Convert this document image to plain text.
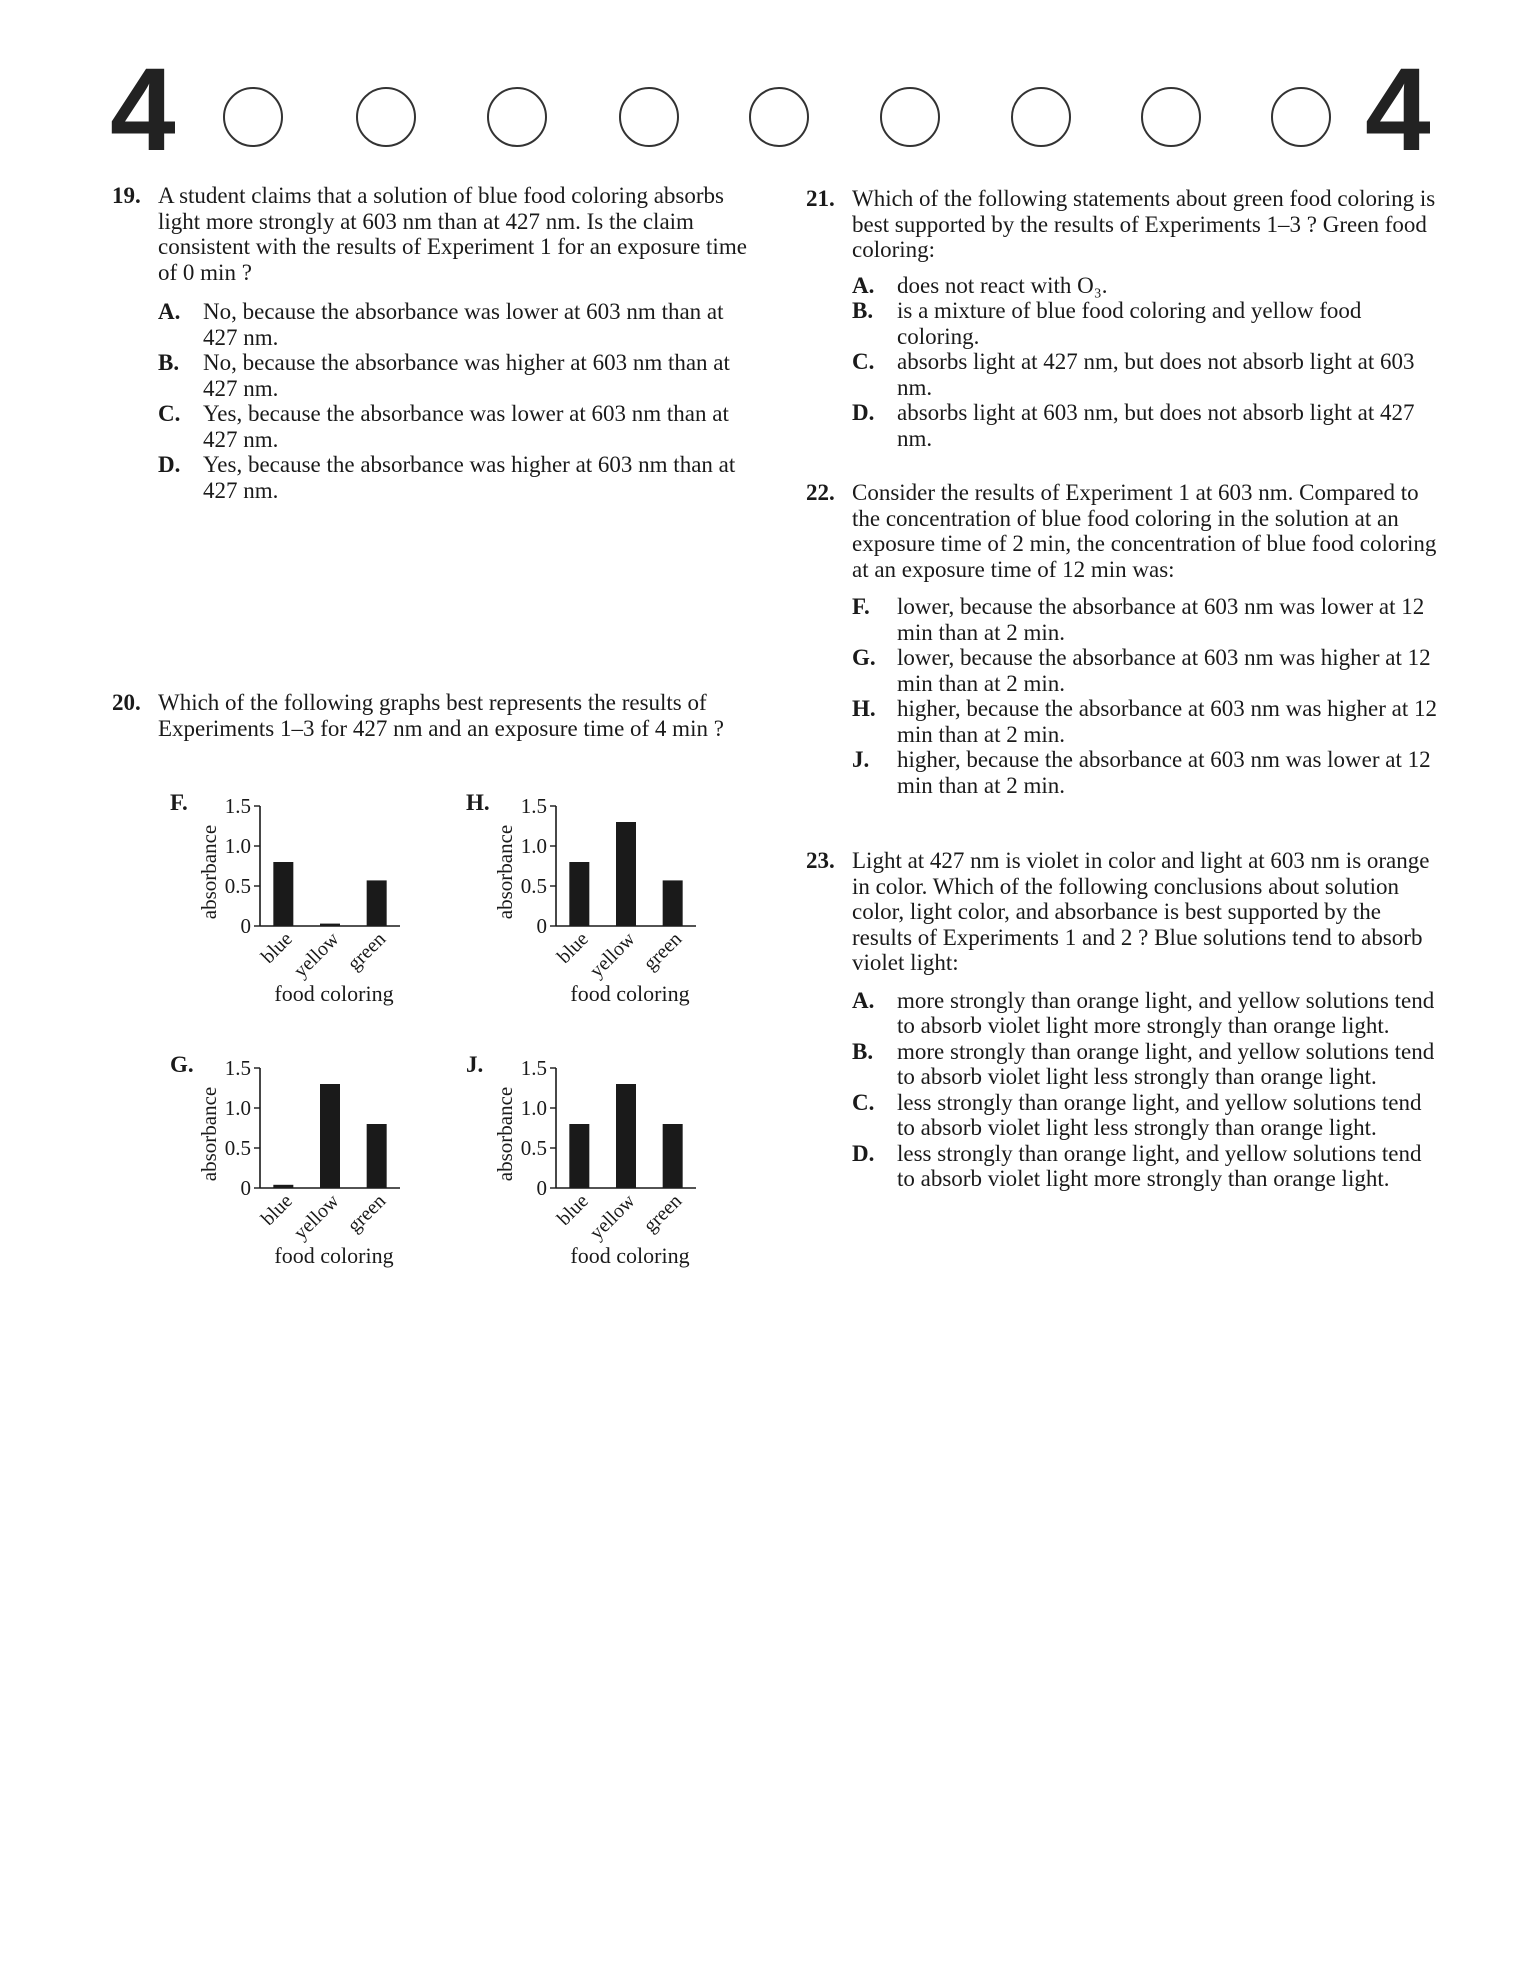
4	4
19. A student claims that a solution of blue food coloring absorbs light more strongly at 603 nm than at 427 nm. Is the claim consistent with the results of Experiment 1 for an exposure time of 0 min ?
A. No, because the absorbance was lower at 603 nm than at 427 nm.
B. No, because the absorbance was higher at 603 nm than at 427 nm.
C. Yes, because the absorbance was lower at 603 nm than at 427 nm.
D. Yes, because the absorbance was higher at 603 nm than at 427 nm.
20. Which of the following graphs best represents the results of Experiments 1–3 for 427 nm and an exposure time of 4 min ?
F.
absorbance
0
0.5
1.0
1.5
blue
yellow green
food coloring
H.
absorbance
0
0.5
1.0
1.5
blue
yellow green
food coloring
G.
absorbance
0
0.5
1.0
1.5
blue
yellow green
food coloring
J.
absorbance
0
0.5
1.0
1.5
blue
yellow green
food coloring
21. Which of the following statements about green food coloring is best supported by the results of Experiments 1–3 ? Green food coloring:
A. does not react with O₃.
B. is a mixture of blue food coloring and yellow food coloring.
C. absorbs light at 427 nm, but does not absorb light at 603 nm.
D. absorbs light at 603 nm, but does not absorb light at 427 nm.
22. Consider the results of Experiment 1 at 603 nm. Compared to the concentration of blue food coloring in the solution at an exposure time of 2 min, the concentration of blue food coloring at an exposure time of 12 min was:
F. lower, because the absorbance at 603 nm was lower at 12 min than at 2 min.
G. lower, because the absorbance at 603 nm was higher at 12 min than at 2 min.
H. higher, because the absorbance at 603 nm was higher at 12 min than at 2 min.
J. higher, because the absorbance at 603 nm was lower at 12 min than at 2 min.
23. Light at 427 nm is violet in color and light at 603 nm is orange in color. Which of the following conclusions about solution color, light color, and absorbance is best supported by the results of Experiments 1 and 2 ? Blue solutions tend to absorb violet light:
A. more strongly than orange light, and yellow solutions tend to absorb violet light more strongly than orange light.
B. more strongly than orange light, and yellow solutions tend to absorb violet light less strongly than orange light.
C. less strongly than orange light, and yellow solutions tend to absorb violet light less strongly than orange light.
D. less strongly than orange light, and yellow solutions tend to absorb violet light more strongly than orange light.
